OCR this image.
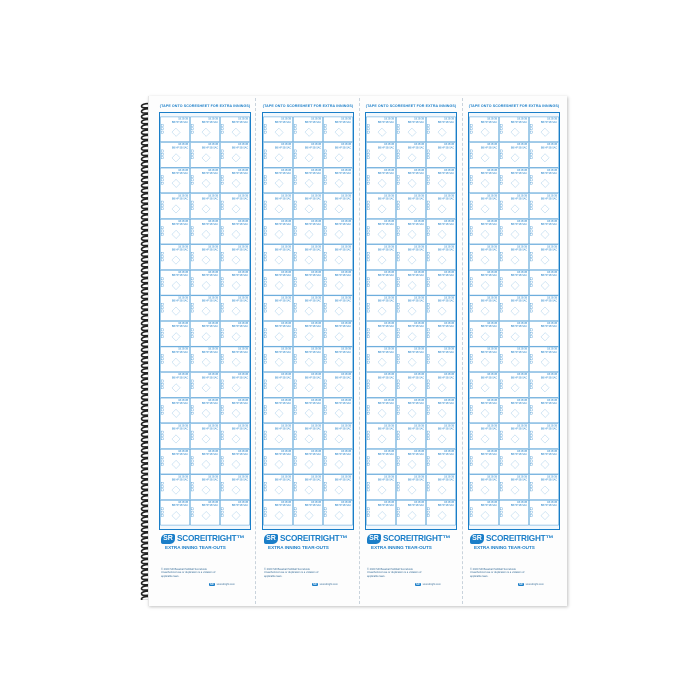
(TAPE ONTO SCORESHEET FOR EXTRA INNINGS)
1B 2B 3B
BB HP SB SAC
1B 2B 3B
BB HP SB SAC
1B 2B 3B
BB HP SB SAC
1B 2B 3B
BB HP SB SAC
1B 2B 3B
BB HP SB SAC
1B 2B 3B
BB HP SB SAC
1B 2B 3B
BB HP SB SAC
1B 2B 3B
BB HP SB SAC
1B 2B 3B
BB HP SB SAC
1B 2B 3B
BB HP SB SAC
1B 2B 3B
BB HP SB SAC
1B 2B 3B
BB HP SB SAC
1B 2B 3B
BB HP SB SAC
1B 2B 3B
BB HP SB SAC
1B 2B 3B
BB HP SB SAC
1B 2B 3B
BB HP SB SAC
1B 2B 3B
BB HP SB SAC
1B 2B 3B
BB HP SB SAC
1B 2B 3B
BB HP SB SAC
1B 2B 3B
BB HP SB SAC
1B 2B 3B
BB HP SB SAC
1B 2B 3B
BB HP SB SAC
1B 2B 3B
BB HP SB SAC
1B 2B 3B
BB HP SB SAC
1B 2B 3B
BB HP SB SAC
1B 2B 3B
BB HP SB SAC
1B 2B 3B
BB HP SB SAC
1B 2B 3B
BB HP SB SAC
1B 2B 3B
BB HP SB SAC
1B 2B 3B
BB HP SB SAC
1B 2B 3B
BB HP SB SAC
1B 2B 3B
BB HP SB SAC
1B 2B 3B
BB HP SB SAC
1B 2B 3B
BB HP SB SAC
1B 2B 3B
BB HP SB SAC
1B 2B 3B
BB HP SB SAC
1B 2B 3B
BB HP SB SAC
1B 2B 3B
BB HP SB SAC
1B 2B 3B
BB HP SB SAC
1B 2B 3B
BB HP SB SAC
1B 2B 3B
BB HP SB SAC
1B 2B 3B
BB HP SB SAC
1B 2B 3B
BB HP SB SAC
1B 2B 3B
BB HP SB SAC
1B 2B 3B
BB HP SB SAC
1B 2B 3B
BB HP SB SAC
1B 2B 3B
BB HP SB SAC
1B 2B 3B
BB HP SB SAC
SR SCOREITRIGHT™
EXTRA INNING TEAR-OUTS
© 2020 SR Baseball Softball Scorebook
Unauthorized use or duplication is a violation of
applicable laws.
SR scoreitright.com
(TAPE ONTO SCORESHEET FOR EXTRA INNINGS)
1B 2B 3B
BB HP SB SAC
1B 2B 3B
BB HP SB SAC
1B 2B 3B
BB HP SB SAC
1B 2B 3B
BB HP SB SAC
1B 2B 3B
BB HP SB SAC
1B 2B 3B
BB HP SB SAC
1B 2B 3B
BB HP SB SAC
1B 2B 3B
BB HP SB SAC
1B 2B 3B
BB HP SB SAC
1B 2B 3B
BB HP SB SAC
1B 2B 3B
BB HP SB SAC
1B 2B 3B
BB HP SB SAC
1B 2B 3B
BB HP SB SAC
1B 2B 3B
BB HP SB SAC
1B 2B 3B
BB HP SB SAC
1B 2B 3B
BB HP SB SAC
1B 2B 3B
BB HP SB SAC
1B 2B 3B
BB HP SB SAC
1B 2B 3B
BB HP SB SAC
1B 2B 3B
BB HP SB SAC
1B 2B 3B
BB HP SB SAC
1B 2B 3B
BB HP SB SAC
1B 2B 3B
BB HP SB SAC
1B 2B 3B
BB HP SB SAC
1B 2B 3B
BB HP SB SAC
1B 2B 3B
BB HP SB SAC
1B 2B 3B
BB HP SB SAC
1B 2B 3B
BB HP SB SAC
1B 2B 3B
BB HP SB SAC
1B 2B 3B
BB HP SB SAC
1B 2B 3B
BB HP SB SAC
1B 2B 3B
BB HP SB SAC
1B 2B 3B
BB HP SB SAC
1B 2B 3B
BB HP SB SAC
1B 2B 3B
BB HP SB SAC
1B 2B 3B
BB HP SB SAC
1B 2B 3B
BB HP SB SAC
1B 2B 3B
BB HP SB SAC
1B 2B 3B
BB HP SB SAC
1B 2B 3B
BB HP SB SAC
1B 2B 3B
BB HP SB SAC
1B 2B 3B
BB HP SB SAC
1B 2B 3B
BB HP SB SAC
1B 2B 3B
BB HP SB SAC
1B 2B 3B
BB HP SB SAC
1B 2B 3B
BB HP SB SAC
1B 2B 3B
BB HP SB SAC
1B 2B 3B
BB HP SB SAC
SR SCOREITRIGHT™
EXTRA INNING TEAR-OUTS
© 2020 SR Baseball Softball Scorebook
Unauthorized use or duplication is a violation of
applicable laws.
SR scoreitright.com
(TAPE ONTO SCORESHEET FOR EXTRA INNINGS)
1B 2B 3B
BB HP SB SAC
1B 2B 3B
BB HP SB SAC
1B 2B 3B
BB HP SB SAC
1B 2B 3B
BB HP SB SAC
1B 2B 3B
BB HP SB SAC
1B 2B 3B
BB HP SB SAC
1B 2B 3B
BB HP SB SAC
1B 2B 3B
BB HP SB SAC
1B 2B 3B
BB HP SB SAC
1B 2B 3B
BB HP SB SAC
1B 2B 3B
BB HP SB SAC
1B 2B 3B
BB HP SB SAC
1B 2B 3B
BB HP SB SAC
1B 2B 3B
BB HP SB SAC
1B 2B 3B
BB HP SB SAC
1B 2B 3B
BB HP SB SAC
1B 2B 3B
BB HP SB SAC
1B 2B 3B
BB HP SB SAC
1B 2B 3B
BB HP SB SAC
1B 2B 3B
BB HP SB SAC
1B 2B 3B
BB HP SB SAC
1B 2B 3B
BB HP SB SAC
1B 2B 3B
BB HP SB SAC
1B 2B 3B
BB HP SB SAC
1B 2B 3B
BB HP SB SAC
1B 2B 3B
BB HP SB SAC
1B 2B 3B
BB HP SB SAC
1B 2B 3B
BB HP SB SAC
1B 2B 3B
BB HP SB SAC
1B 2B 3B
BB HP SB SAC
1B 2B 3B
BB HP SB SAC
1B 2B 3B
BB HP SB SAC
1B 2B 3B
BB HP SB SAC
1B 2B 3B
BB HP SB SAC
1B 2B 3B
BB HP SB SAC
1B 2B 3B
BB HP SB SAC
1B 2B 3B
BB HP SB SAC
1B 2B 3B
BB HP SB SAC
1B 2B 3B
BB HP SB SAC
1B 2B 3B
BB HP SB SAC
1B 2B 3B
BB HP SB SAC
1B 2B 3B
BB HP SB SAC
1B 2B 3B
BB HP SB SAC
1B 2B 3B
BB HP SB SAC
1B 2B 3B
BB HP SB SAC
1B 2B 3B
BB HP SB SAC
1B 2B 3B
BB HP SB SAC
1B 2B 3B
BB HP SB SAC
SR SCOREITRIGHT™
EXTRA INNING TEAR-OUTS
© 2020 SR Baseball Softball Scorebook
Unauthorized use or duplication is a violation of
applicable laws.
SR scoreitright.com
(TAPE ONTO SCORESHEET FOR EXTRA INNINGS)
1B 2B 3B
BB HP SB SAC
1B 2B 3B
BB HP SB SAC
1B 2B 3B
BB HP SB SAC
1B 2B 3B
BB HP SB SAC
1B 2B 3B
BB HP SB SAC
1B 2B 3B
BB HP SB SAC
1B 2B 3B
BB HP SB SAC
1B 2B 3B
BB HP SB SAC
1B 2B 3B
BB HP SB SAC
1B 2B 3B
BB HP SB SAC
1B 2B 3B
BB HP SB SAC
1B 2B 3B
BB HP SB SAC
1B 2B 3B
BB HP SB SAC
1B 2B 3B
BB HP SB SAC
1B 2B 3B
BB HP SB SAC
1B 2B 3B
BB HP SB SAC
1B 2B 3B
BB HP SB SAC
1B 2B 3B
BB HP SB SAC
1B 2B 3B
BB HP SB SAC
1B 2B 3B
BB HP SB SAC
1B 2B 3B
BB HP SB SAC
1B 2B 3B
BB HP SB SAC
1B 2B 3B
BB HP SB SAC
1B 2B 3B
BB HP SB SAC
1B 2B 3B
BB HP SB SAC
1B 2B 3B
BB HP SB SAC
1B 2B 3B
BB HP SB SAC
1B 2B 3B
BB HP SB SAC
1B 2B 3B
BB HP SB SAC
1B 2B 3B
BB HP SB SAC
1B 2B 3B
BB HP SB SAC
1B 2B 3B
BB HP SB SAC
1B 2B 3B
BB HP SB SAC
1B 2B 3B
BB HP SB SAC
1B 2B 3B
BB HP SB SAC
1B 2B 3B
BB HP SB SAC
1B 2B 3B
BB HP SB SAC
1B 2B 3B
BB HP SB SAC
1B 2B 3B
BB HP SB SAC
1B 2B 3B
BB HP SB SAC
1B 2B 3B
BB HP SB SAC
1B 2B 3B
BB HP SB SAC
1B 2B 3B
BB HP SB SAC
1B 2B 3B
BB HP SB SAC
1B 2B 3B
BB HP SB SAC
1B 2B 3B
BB HP SB SAC
1B 2B 3B
BB HP SB SAC
1B 2B 3B
BB HP SB SAC
SR SCOREITRIGHT™
EXTRA INNING TEAR-OUTS
© 2020 SR Baseball Softball Scorebook
Unauthorized use or duplication is a violation of
applicable laws.
SR scoreitright.com
